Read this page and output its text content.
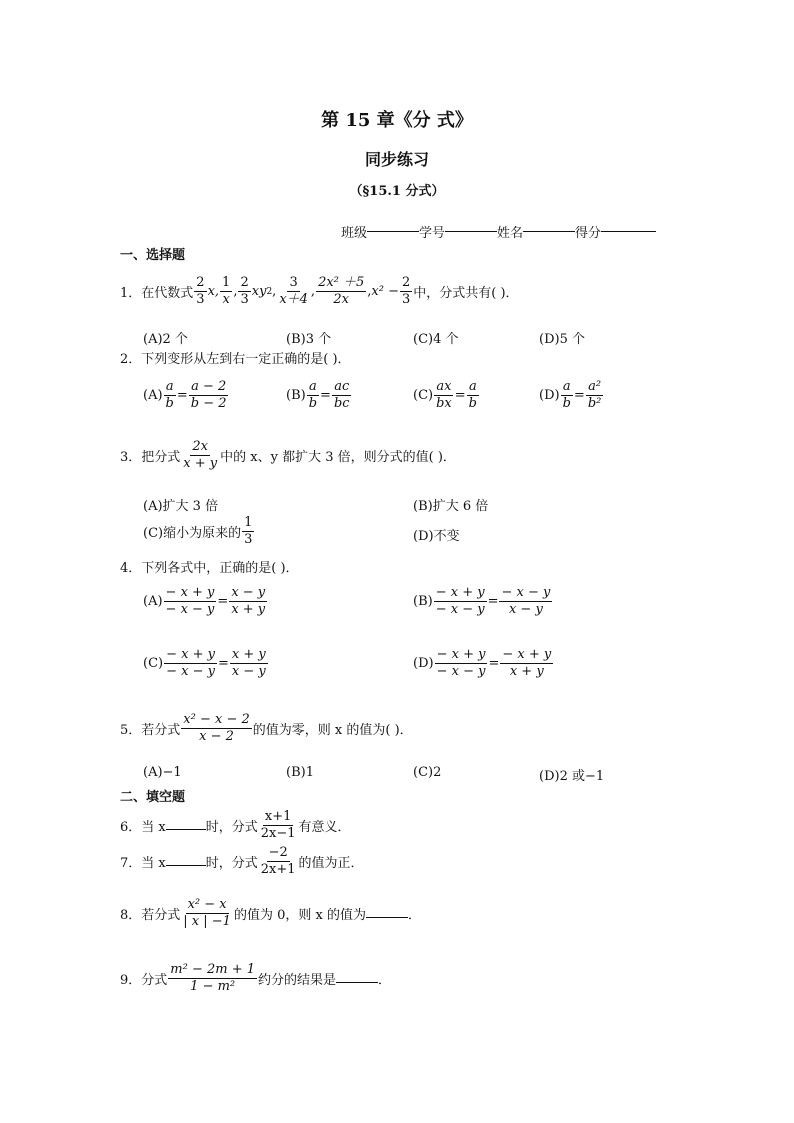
第 15 章《分 式》
同步练习
（§15.1 分式）
班级	学号	姓名	得分
一、选择题
1． 在代数式
2
3
x,
1
x
,
2
3
xy 2 ,
3
x＋4
,
2x² ＋5
2x
, $x^2 - \frac{2}{3}$ 中，分式共有( )．
(A)2 个	(B)3 个	(C)4 个	(D)5 个
2．下列变形从左到右一定正确的是( )．
$(A) \frac{a}{b} = \frac{a - 2}{b - 2}$	$(B) \frac{a}{b} = \frac{ac}{bc}$	$(C) \frac{ax}{bx} = \frac{a}{b}$	$(D) \frac{a}{b} = \frac{\text{a²}}{\text{b²}}$
3． 把分式
2x
x + y 中的 x、y 都扩大 3 倍，则分式的值( )．
(A)扩大 3 倍	(B)扩大 6 倍
(C)缩小为原来的
1
3	(D)不变
4．下列各式中，正确的是( )．
$(A) \frac{- x + y}{- x - y} = \frac{x - y}{x + y}$	$(B) \frac{- x + y}{- x - y} = \frac{- x - y}{x - y}$
$(C) \frac{- x + y}{- x - y} = \frac{x + y}{x - y}$	$(D) \frac{- x + y}{- x - y} = \frac{- x + y}{x + y}$
5． 若分式
x² − x − 2
x − 2 的值为零，则 x 的值为( )．
(A)−1	(B)1	(C)2	(D)2 或−1
二、填空题
6． 当 x	时，分式
x+1
2x−1 有意义．
7． 当 x	时，分式
−2
2x+1 的值为正．
8． 若分式
x² − x
| x | −1 的值为 0，则 x 的值为	．
9． 分式
m² − 2m + 1
1 − m² 约分的结果是	．
